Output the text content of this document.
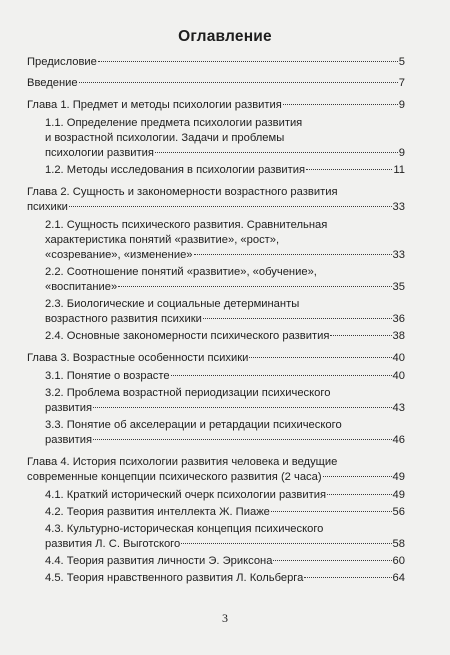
Оглавление
Предисловие	5
Введение	7
Глава 1. Предмет и методы психологии развития	9
1.1. Определение предмета психологии развития
и возрастной психологии. Задачи и проблемы
психологии развития	9
1.2. Методы исследования в психологии развития	11
Глава 2. Сущность и закономерности возрастного развития
психики	33
2.1. Сущность психического развития. Сравнительная
характеристика понятий «развитие», «рост»,
«созревание», «изменение»	33
2.2. Соотношение понятий «развитие», «обучение»,
«воспитание»	35
2.3. Биологические и социальные детерминанты
возрастного развития психики	36
2.4. Основные закономерности психического развития	38
Глава 3. Возрастные особенности психики	40
3.1. Понятие о возрасте	40
3.2. Проблема возрастной периодизации психического
развития	43
3.3. Понятие об акселерации и ретардации психического
развития	46
Глава 4. История психологии развития человека и ведущие
современные концепции психического развития (2 часа)	49
4.1. Краткий исторический очерк психологии развития	49
4.2. Теория развития интеллекта Ж. Пиаже	56
4.3. Культурно-историческая концепция психического
развития Л. С. Выготского	58
4.4. Теория развития личности Э. Эриксона	60
4.5. Теория нравственного развития Л. Кольберга	64
3
